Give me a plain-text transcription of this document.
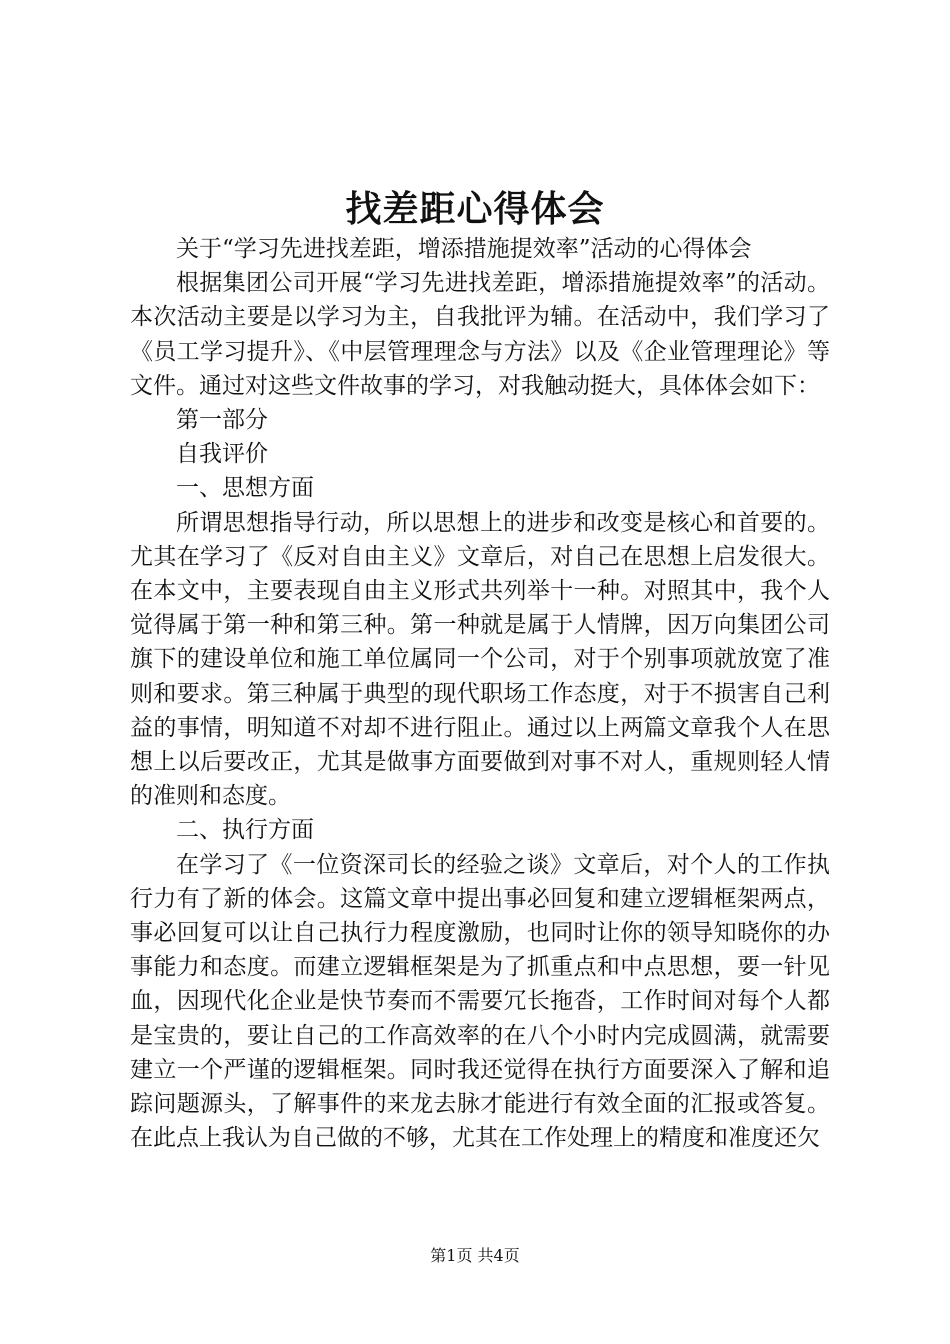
找差距心得体会

关于“学习先进找差距，增添措施提效率”活动的心得体会

根据集团公司开展“学习先进找差距，增添措施提效率”的活动。本次活动主要是以学习为主，自我批评为辅。在活动中，我们学习了《员工学习提升》、《中层管理理念与方法》以及《企业管理理论》等文件。通过对这些文件故事的学习，对我触动挺大，具体体会如下：

第一部分

自我评价

一、思想方面

所谓思想指导行动，所以思想上的进步和改变是核心和首要的。尤其在学习了《反对自由主义》文章后，对自己在思想上启发很大。在本文中，主要表现自由主义形式共列举十一种。对照其中，我个人觉得属于第一种和第三种。第一种就是属于人情牌，因万向集团公司旗下的建设单位和施工单位属同一个公司，对于个别事项就放宽了准则和要求。第三种属于典型的现代职场工作态度，对于不损害自己利益的事情，明知道不对却不进行阻止。通过以上两篇文章我个人在思想上以后要改正，尤其是做事方面要做到对事不对人，重规则轻人情的准则和态度。

二、执行方面

在学习了《一位资深司长的经验之谈》文章后，对个人的工作执行力有了新的体会。这篇文章中提出事必回复和建立逻辑框架两点，事必回复可以让自己执行力程度激励，也同时让你的领导知晓你的办事能力和态度。而建立逻辑框架是为了抓重点和中点思想，要一针见血，因现代化企业是快节奏而不需要冗长拖沓，工作时间对每个人都是宝贵的，要让自己的工作高效率的在八个小时内完成圆满，就需要建立一个严谨的逻辑框架。同时我还觉得在执行方面要深入了解和追踪问题源头，了解事件的来龙去脉才能进行有效全面的汇报或答复。在此点上我认为自己做的不够，尤其在工作处理上的精度和准度还欠

第1页 共4页
